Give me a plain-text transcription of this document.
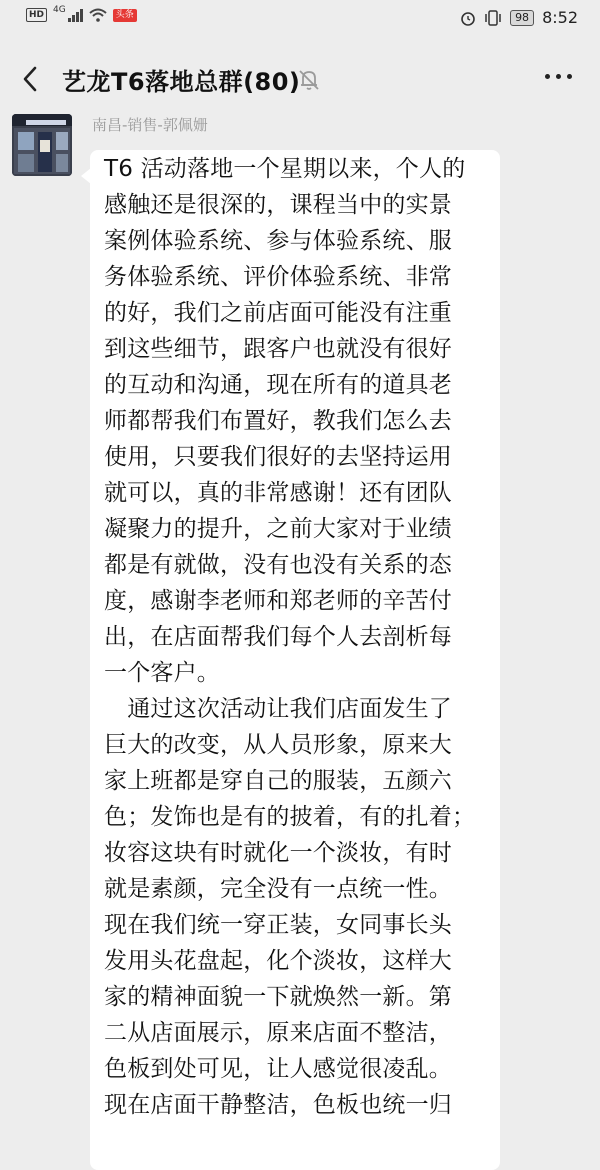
HD	4G	头条	98 8:52
艺龙T6落地总群(80)
南昌-销售-郭佩姗
T6 活动落地一个星期以来，个人的
感触还是很深的，课程当中的实景
案例体验系统、参与体验系统、服
务体验系统、评价体验系统、非常
的好，我们之前店面可能没有注重
到这些细节，跟客户也就没有很好
的互动和沟通，现在所有的道具老
师都帮我们布置好，教我们怎么去
使用，只要我们很好的去坚持运用
就可以，真的非常感谢！还有团队
凝聚力的提升，之前大家对于业绩
都是有就做，没有也没有关系的态
度，感谢李老师和郑老师的辛苦付
出，在店面帮我们每个人去剖析每
一个客户。
　通过这次活动让我们店面发生了
巨大的改变，从人员形象，原来大
家上班都是穿自己的服装，五颜六
色；发饰也是有的披着，有的扎着；
妆容这块有时就化一个淡妆，有时
就是素颜，完全没有一点统一性。
现在我们统一穿正装，女同事长头
发用头花盘起，化个淡妆，这样大
家的精神面貌一下就焕然一新。第
二从店面展示，原来店面不整洁，
色板到处可见，让人感觉很凌乱。
现在店面干静整洁，色板也统一归
